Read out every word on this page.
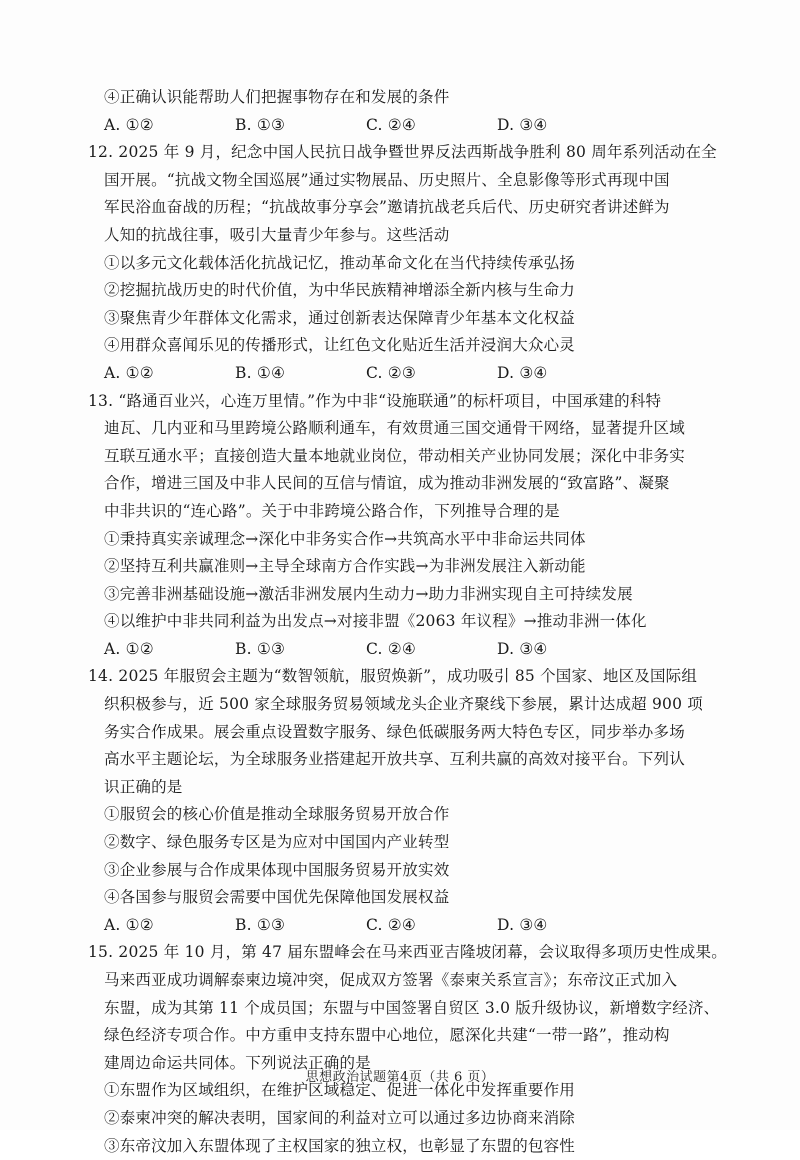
④正确认识能帮助人们把握事物存在和发展的条件
A. ①②	B. ①③	C. ②④	D. ③④
12. 2025 年 9 月，纪念中国人民抗日战争暨世界反法西斯战争胜利 80 周年系列活动在全
国开展。“抗战文物全国巡展”通过实物展品、历史照片、全息影像等形式再现中国
军民浴血奋战的历程；“抗战故事分享会”邀请抗战老兵后代、历史研究者讲述鲜为
人知的抗战往事，吸引大量青少年参与。这些活动
①以多元文化载体活化抗战记忆，推动革命文化在当代持续传承弘扬
②挖掘抗战历史的时代价值，为中华民族精神增添全新内核与生命力
③聚焦青少年群体文化需求，通过创新表达保障青少年基本文化权益
④用群众喜闻乐见的传播形式，让红色文化贴近生活并浸润大众心灵
A. ①②	B. ①④	C. ②③	D. ③④
13. “路通百业兴，心连万里情。”作为中非“设施联通”的标杆项目，中国承建的科特
迪瓦、几内亚和马里跨境公路顺利通车，有效贯通三国交通骨干网络，显著提升区域
互联互通水平；直接创造大量本地就业岗位，带动相关产业协同发展；深化中非务实
合作，增进三国及中非人民间的互信与情谊，成为推动非洲发展的“致富路”、凝聚
中非共识的“连心路”。关于中非跨境公路合作，下列推导合理的是
①秉持真实亲诚理念→深化中非务实合作→共筑高水平中非命运共同体
②坚持互利共赢准则→主导全球南方合作实践→为非洲发展注入新动能
③完善非洲基础设施→激活非洲发展内生动力→助力非洲实现自主可持续发展
④以维护中非共同利益为出发点→对接非盟《2063 年议程》→推动非洲一体化
A. ①②	B. ①③	C. ②④	D. ③④
14. 2025 年服贸会主题为“数智领航，服贸焕新”，成功吸引 85 个国家、地区及国际组
织积极参与，近 500 家全球服务贸易领域龙头企业齐聚线下参展，累计达成超 900 项
务实合作成果。展会重点设置数字服务、绿色低碳服务两大特色专区，同步举办多场
高水平主题论坛，为全球服务业搭建起开放共享、互利共赢的高效对接平台。下列认
识正确的是
①服贸会的核心价值是推动全球服务贸易开放合作
②数字、绿色服务专区是为应对中国国内产业转型
③企业参展与合作成果体现中国服务贸易开放实效
④各国参与服贸会需要中国优先保障他国发展权益
A. ①②	B. ①③	C. ②④	D. ③④
15. 2025 年 10 月，第 47 届东盟峰会在马来西亚吉隆坡闭幕，会议取得多项历史性成果。
马来西亚成功调解泰柬边境冲突，促成双方签署《泰柬关系宣言》；东帝汶正式加入
东盟，成为其第 11 个成员国；东盟与中国签署自贸区 3.0 版升级协议，新增数字经济、
绿色经济专项合作。中方重申支持东盟中心地位，愿深化共建“一带一路”，推动构
建周边命运共同体。下列说法正确的是
①东盟作为区域组织，在维护区域稳定、促进一体化中发挥重要作用
②泰柬冲突的解决表明，国家间的利益对立可以通过多边协商来消除
③东帝汶加入东盟体现了主权国家的独立权，也彰显了东盟的包容性
思想政治试题第4页（共 6 页）
